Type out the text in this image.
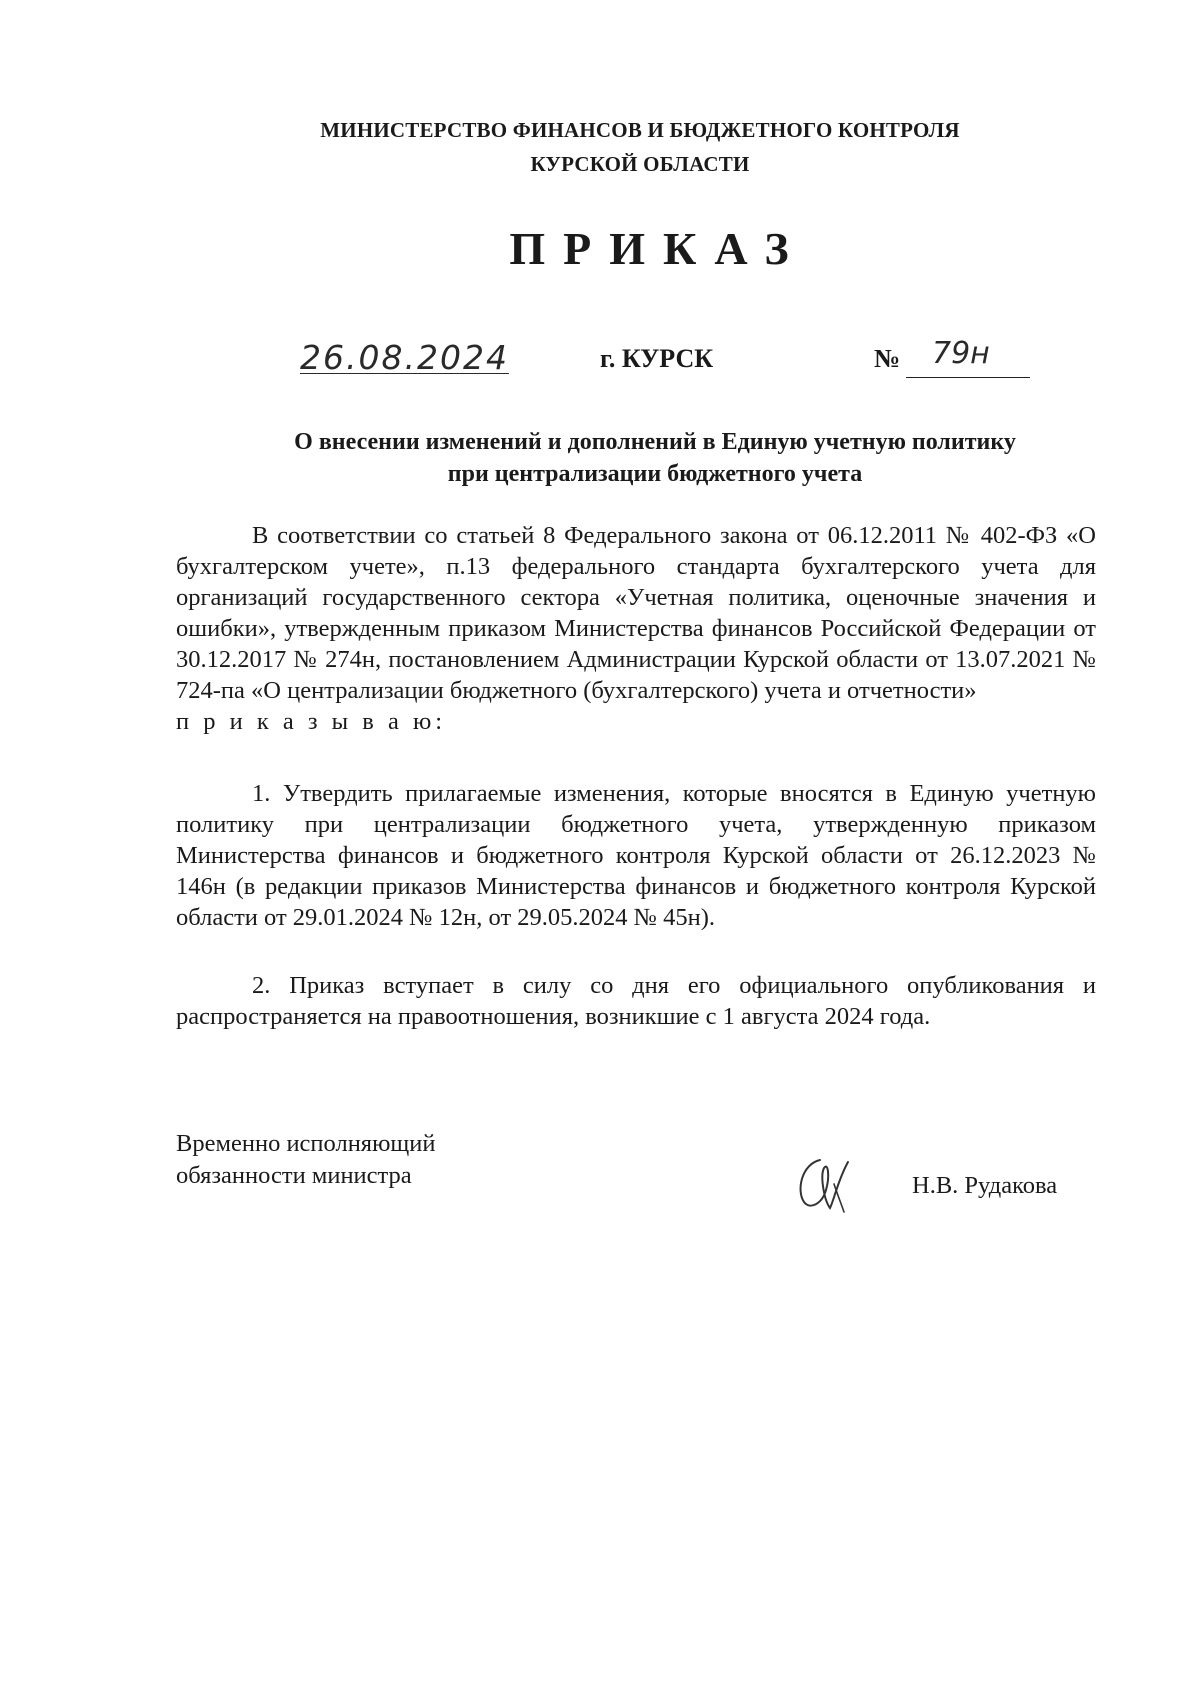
МИНИСТЕРСТВО ФИНАНСОВ И БЮДЖЕТНОГО КОНТРОЛЯ
КУРСКОЙ ОБЛАСТИ
ПРИКАЗ
26.08.2024	г. КУРСК	№	79н
О внесении изменений и дополнений в Единую учетную политику
при централизации бюджетного учета

В соответствии со статьей 8 Федерального закона от 06.12.2011 № 402-ФЗ «О бухгалтерском учете», п.13 федерального стандарта бухгалтерского учета для организаций государственного сектора «Учетная политика, оценочные значения и ошибки», утвержденным приказом Министерства финансов Российской Федерации от 30.12.2017 № 274н, постановлением Администрации Курской области от 13.07.2021 № 724-па «О централизации бюджетного (бухгалтерского) учета и отчетности»

п р и к а з ы в а ю:

1. Утвердить прилагаемые изменения, которые вносятся в Единую учетную политику при централизации бюджетного учета, утвержденную приказом Министерства финансов и бюджетного контроля Курской области от 26.12.2023 № 146н (в редакции приказов Министерства финансов и бюджетного контроля Курской области от 29.01.2024 № 12н, от 29.05.2024 № 45н).

2. Приказ вступает в силу со дня его официального опубликования и распространяется на правоотношения, возникшие с 1 августа 2024 года.

Временно исполняющий
обязанности министра	Н.В. Рудакова
